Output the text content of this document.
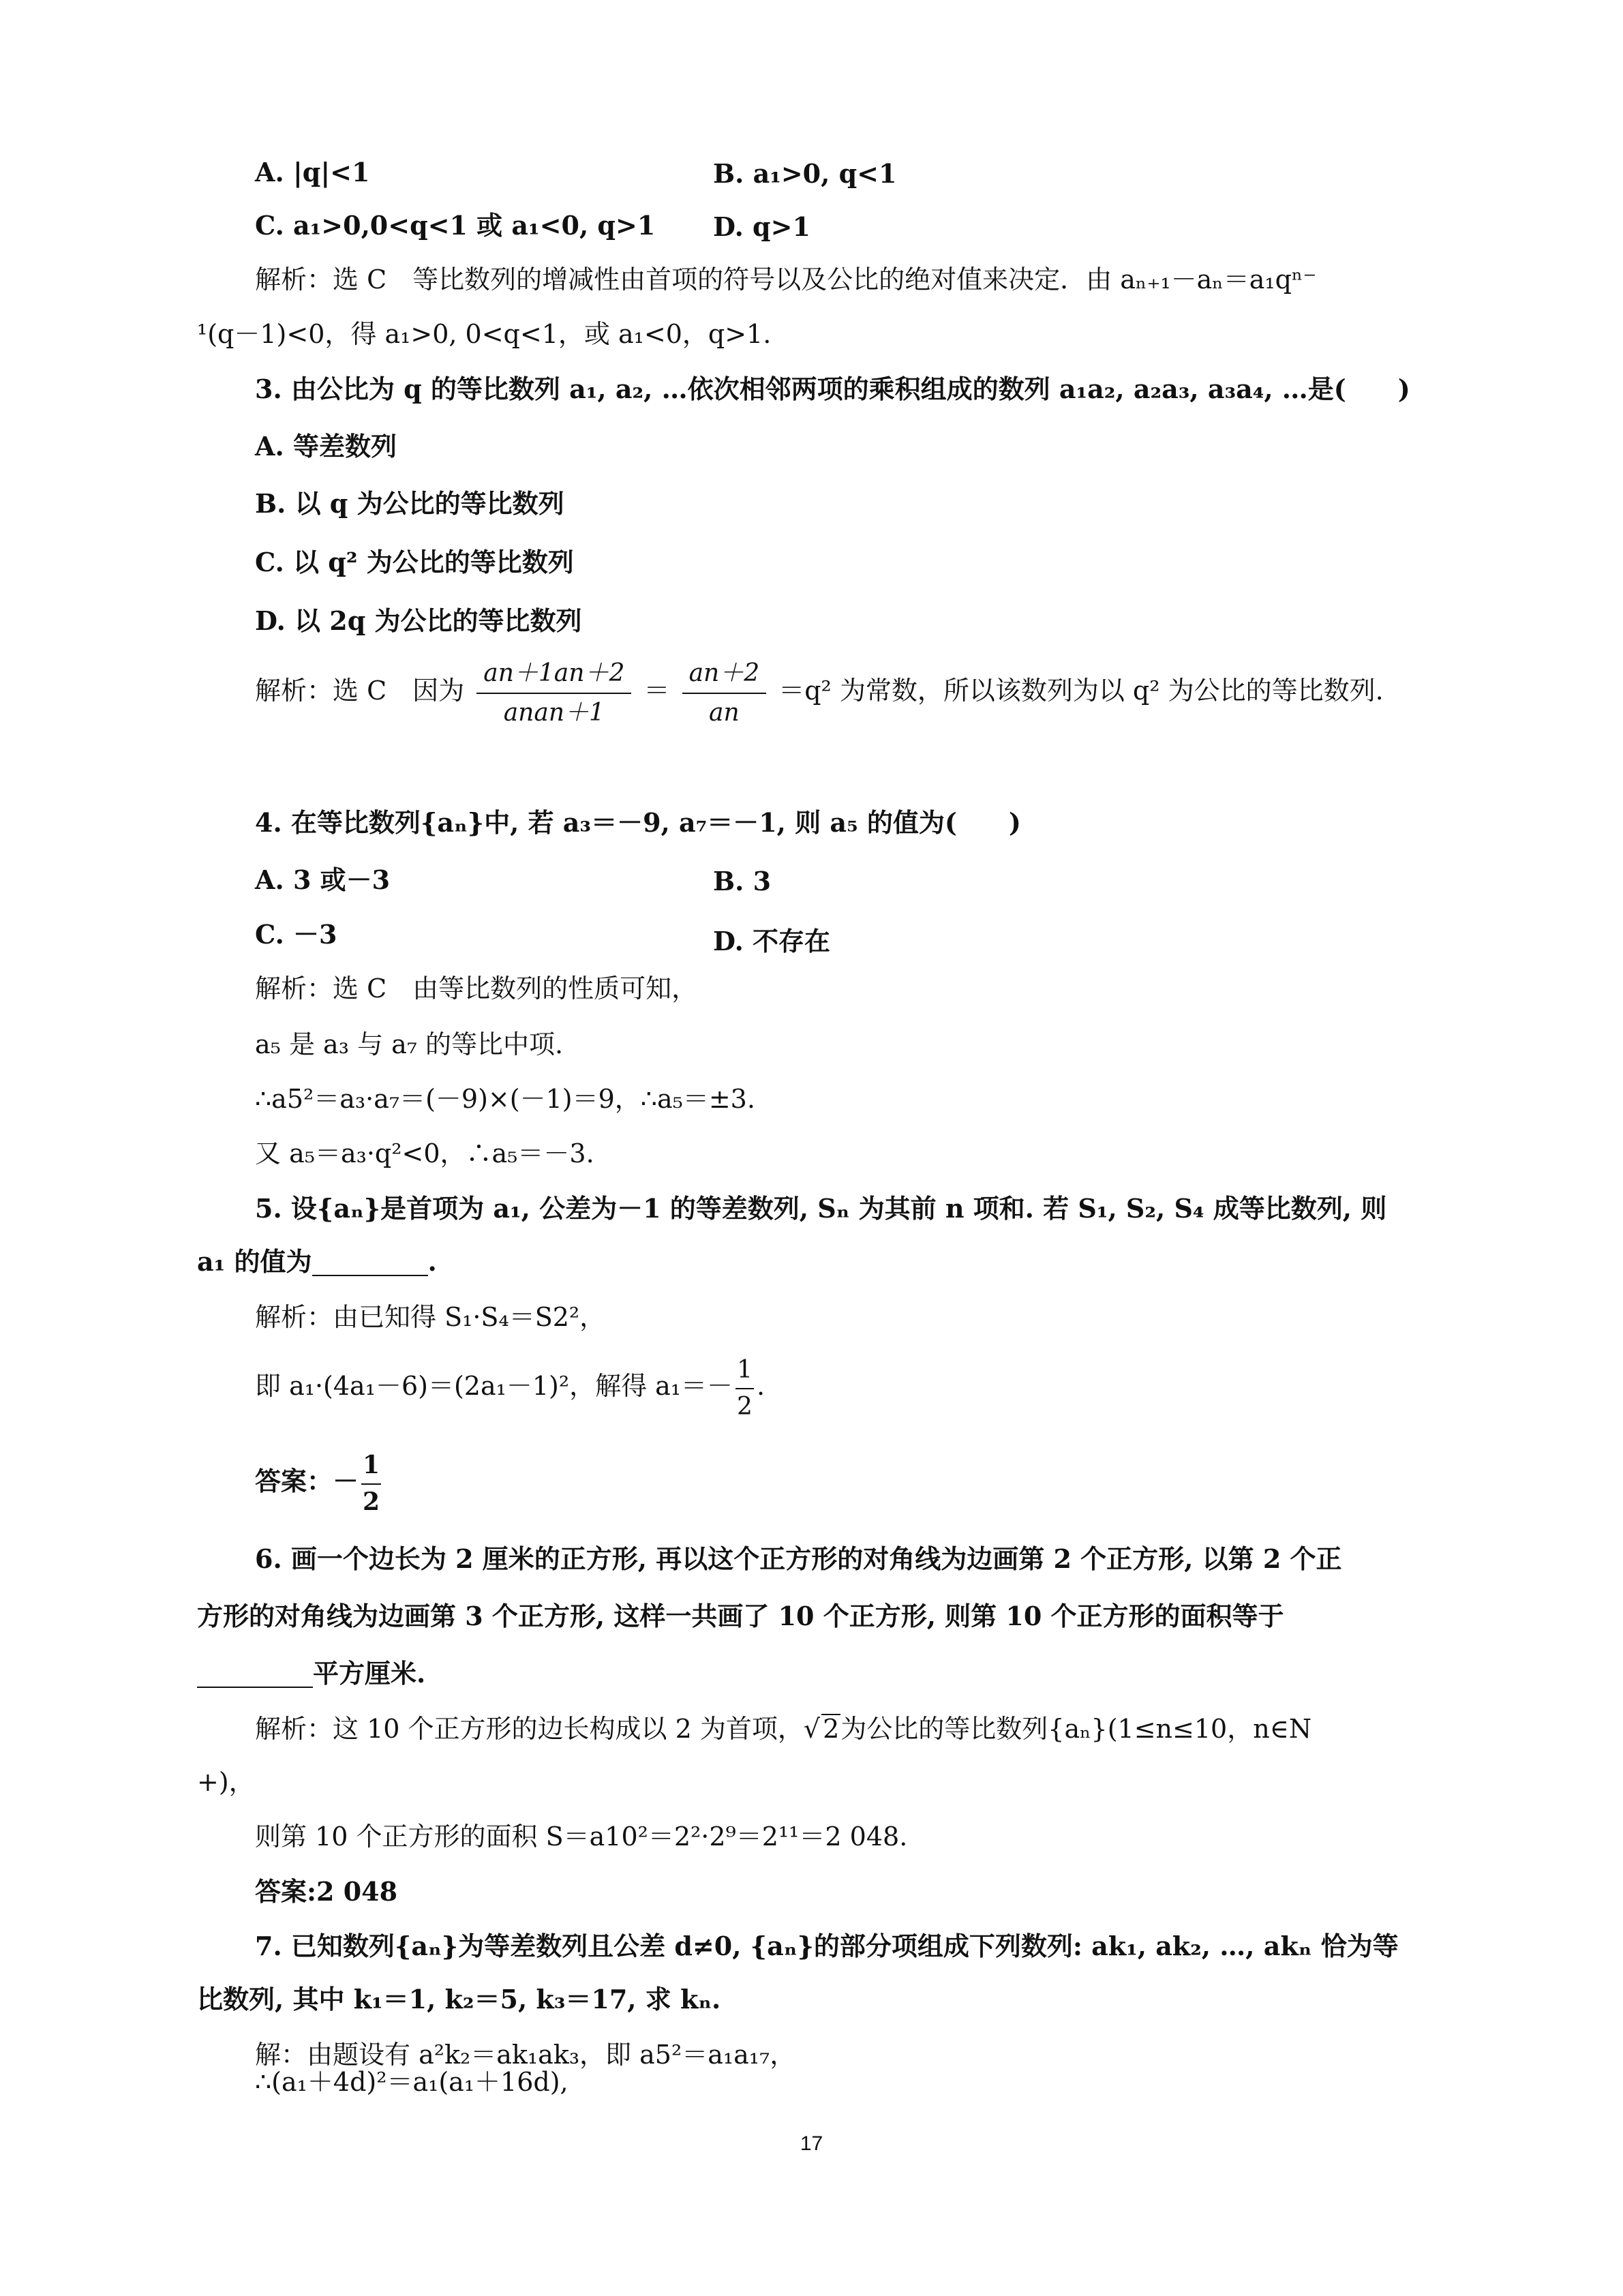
A. |q|<1	B. a₁>0, q<1
C. a₁>0,0<q<1 或 a₁<0, q>1 D. q>1
解析：选 C　等比数列的增减性由首项的符号以及公比的绝对值来决定．由 aₙ₊₁－aₙ＝a₁qⁿ⁻
¹(q－1)<0，得 a₁>0, 0<q<1，或 a₁<0，q>1.
3. 由公比为 q 的等比数列 a₁, a₂, …依次相邻两项的乘积组成的数列 a₁a₂, a₂a₃, a₃a₄, …是(　　)
A. 等差数列
B. 以 q 为公比的等比数列
C. 以 q² 为公比的等比数列
D. 以 2q 为公比的等比数列
解析：选 C　因为 $\frac{an+1an+2}{\text{anan＋1}} = \frac{an+2}{an} =q^2$ 为常数，所以该数列为以 q² 为公比的等比数列.
4. 在等比数列{aₙ}中, 若 a₃＝－9, a₇＝－1, 则 a₅ 的值为(　　)
A. 3 或－3	B. 3
C. －3	D. 不存在
解析：选 C　由等比数列的性质可知，
a₅ 是 a₃ 与 a₇ 的等比中项.
∴a5²＝a₃·a₇＝(－9)×(－1)＝9，∴a₅＝±3.
又 a₅＝a₃·q²<0，∴a₅＝－3.
5. 设{aₙ}是首项为 a₁, 公差为－1 的等差数列, Sₙ 为其前 n 项和. 若 S₁, S₂, S₄ 成等比数列, 则
a₁ 的值为	.
解析：由已知得 S₁·S₄＝S2²，
即 a₁·(4a₁－6)＝(2a₁－1)²，解得 $a_1=- \frac{1}{2}$ .
答案：－ $\frac{1}{2}$
6. 画一个边长为 2 厘米的正方形, 再以这个正方形的对角线为边画第 2 个正方形, 以第 2 个正
方形的对角线为边画第 3 个正方形, 这样一共画了 10 个正方形, 则第 10 个正方形的面积等于
平方厘米.
解析：这 10 个正方形的边长构成以 2 为首项，√ 2为公比的等比数列{aₙ}(1≤n≤10，n∈N
+)，
则第 10 个正方形的面积 S＝a10²＝2²·2⁹＝2¹¹＝2 048.
答案:2 048
7. 已知数列{aₙ}为等差数列且公差 d≠0, {aₙ}的部分项组成下列数列: ak₁, ak₂, …, akₙ 恰为等
比数列, 其中 k₁＝1, k₂＝5, k₃＝17, 求 kₙ.
解：由题设有 a²k₂＝ak₁ak₃，即 a5²＝a₁a₁₇，
∴(a₁＋4d)²＝a₁(a₁＋16d),
17
